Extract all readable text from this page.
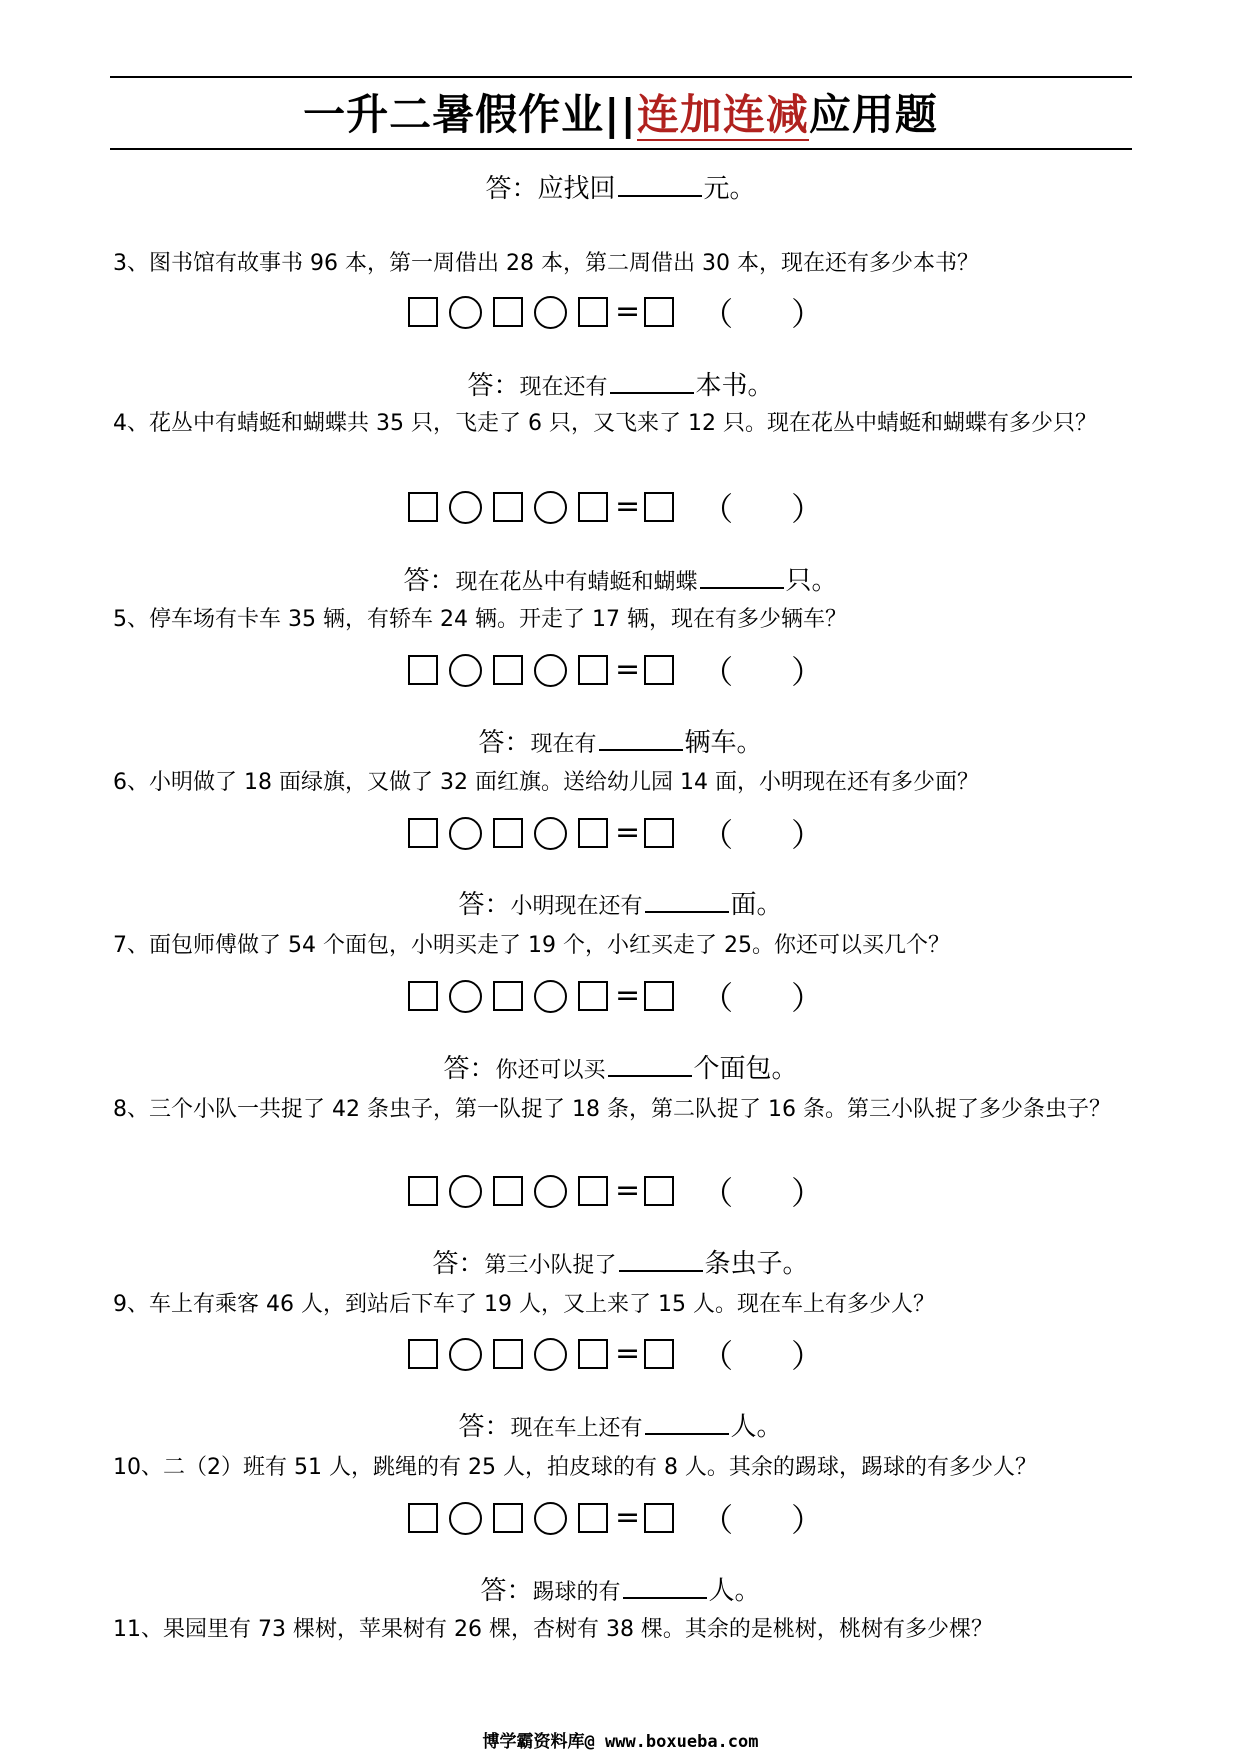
一升二暑假作业||连加连减应用题
答：应找回	元。
3、图书馆有故事书 96 本，第一周借出 28 本，第二周借出 30 本，现在还有多少本书？
= （ ）
答：现在还有	本书。
4、花丛中有蜻蜓和蝴蝶共 35 只，飞走了 6 只，又飞来了 12 只。现在花丛中蜻蜓和蝴蝶有多少只？
= （ ）
答：现在花丛中有蜻蜓和蝴蝶	只。
5、停车场有卡车 35 辆，有轿车 24 辆。开走了 17 辆，现在有多少辆车？
= （ ）
答：现在有	辆车。
6、小明做了 18 面绿旗，又做了 32 面红旗。送给幼儿园 14 面，小明现在还有多少面？
= （ ）
答：小明现在还有	面。
7、面包师傅做了 54 个面包，小明买走了 19 个，小红买走了 25。你还可以买几个？
= （ ）
答：你还可以买	个面包。
8、三个小队一共捉了 42 条虫子，第一队捉了 18 条，第二队捉了 16 条。第三小队捉了多少条虫子？
= （ ）
答：第三小队捉了	条虫子。
9、车上有乘客 46 人，到站后下车了 19 人，又上来了 15 人。现在车上有多少人？
= （ ）
答：现在车上还有	人。
10、二（2）班有 51 人，跳绳的有 25 人，拍皮球的有 8 人。其余的踢球，踢球的有多少人？
= （ ）
答：踢球的有	人。
11、果园里有 73 棵树，苹果树有 26 棵，杏树有 38 棵。其余的是桃树，桃树有多少棵？
博学霸资料库@ www.boxueba.com
